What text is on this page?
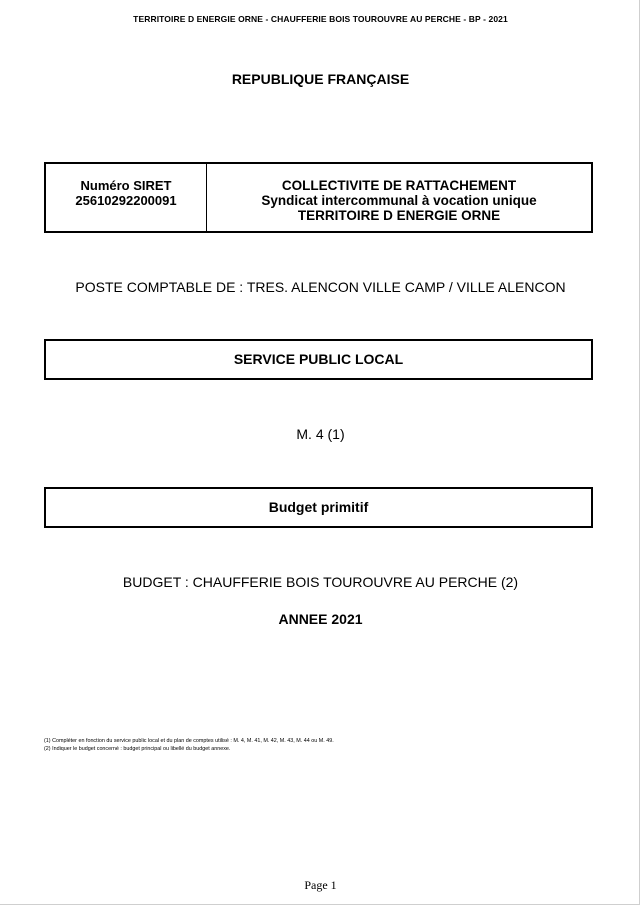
TERRITOIRE D ENERGIE ORNE - CHAUFFERIE BOIS TOUROUVRE AU PERCHE - BP - 2021
REPUBLIQUE FRANÇAISE
Numéro SIRET
25610292200091
COLLECTIVITE DE RATTACHEMENT
Syndicat intercommunal à vocation unique
TERRITOIRE D ENERGIE ORNE
POSTE COMPTABLE DE : TRES. ALENCON VILLE CAMP / VILLE ALENCON
SERVICE PUBLIC LOCAL
M. 4 (1)
Budget primitif
BUDGET : CHAUFFERIE BOIS TOUROUVRE AU PERCHE (2)
ANNEE 2021
(1) Compléter en fonction du service public local et du plan de comptes utilisé : M. 4, M. 41, M. 42, M. 43, M. 44 ou M. 49.
(2) Indiquer le budget concerné : budget principal ou libellé du budget annexe.
Page 1
